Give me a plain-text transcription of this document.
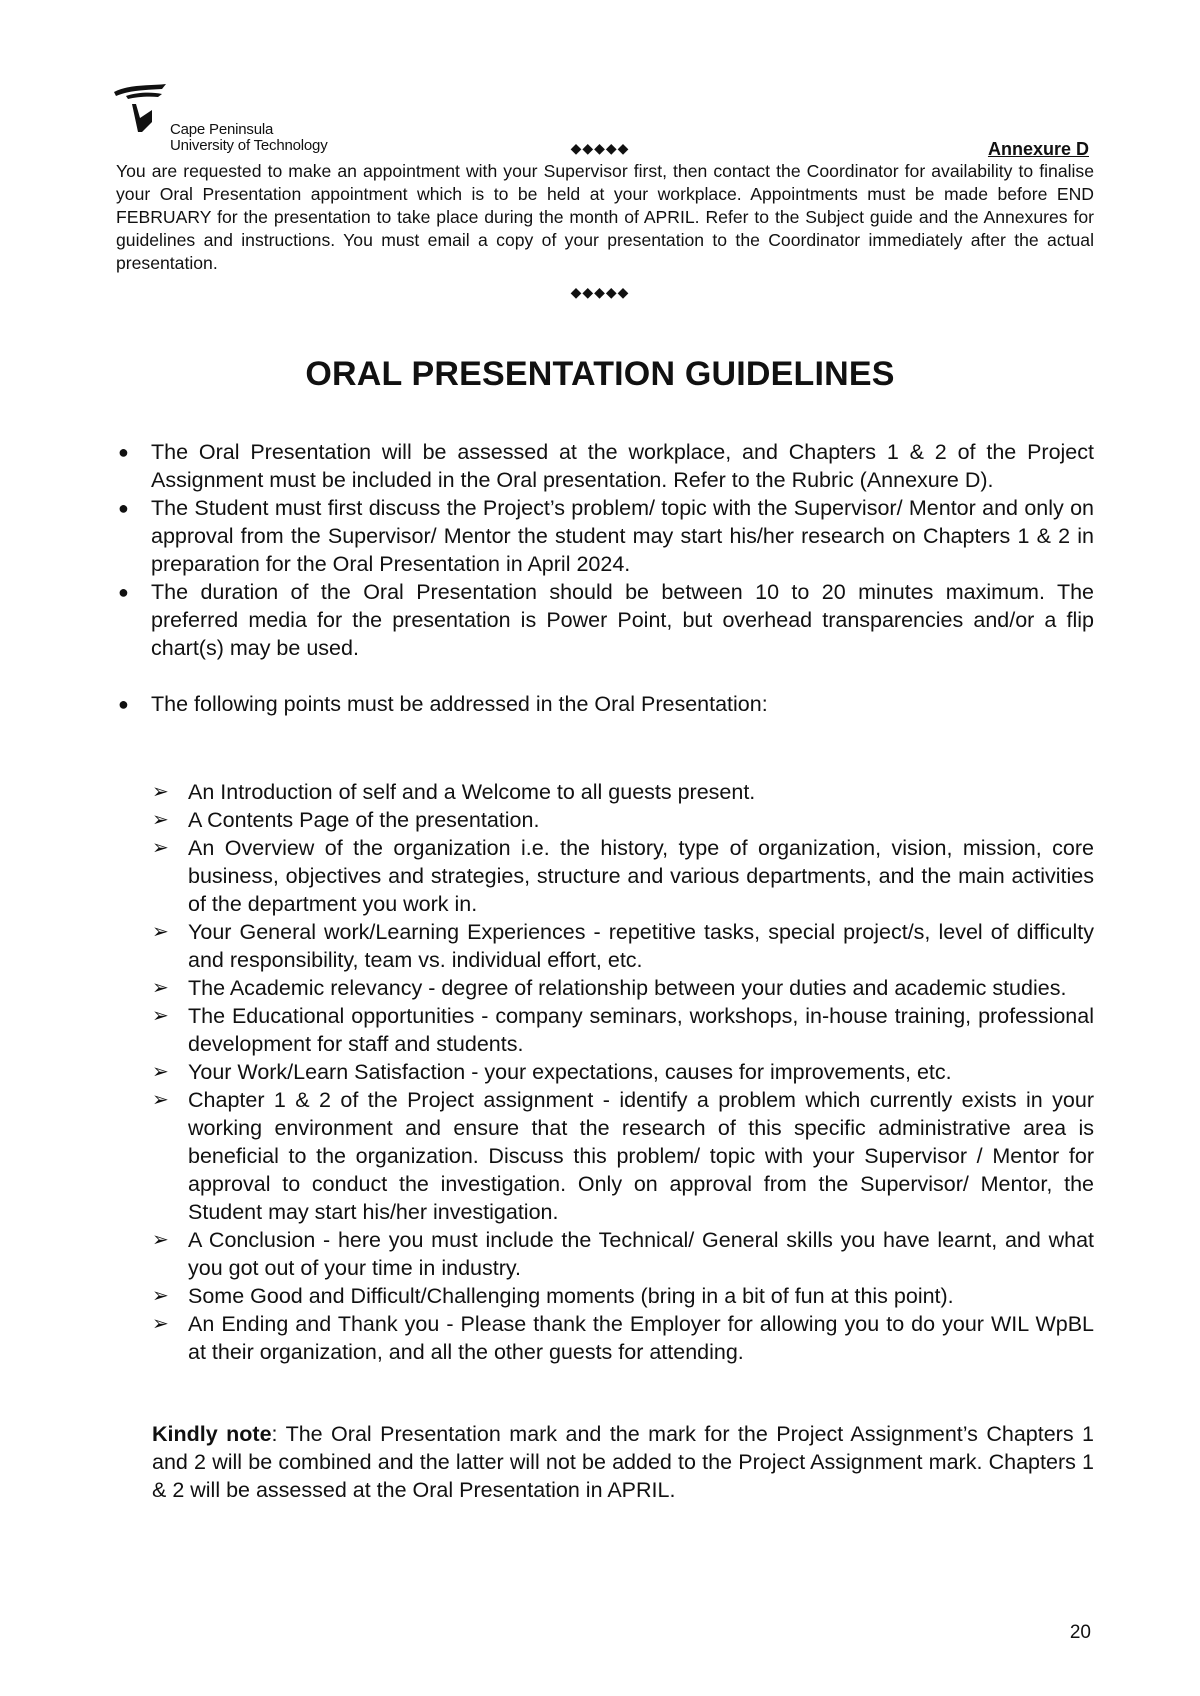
Cape Peninsula
University of Technology	◆◆◆◆◆	Annexure D
You are requested to make an appointment with your Supervisor first, then contact the Coordinator for availability to finalise your Oral Presentation appointment which is to be held at your workplace. Appointments must be made before END FEBRUARY for the presentation to take place during the month of APRIL. Refer to the Subject guide and the Annexures for guidelines and instructions. You must email a copy of your presentation to the Coordinator immediately after the actual presentation.
◆◆◆◆◆
ORAL PRESENTATION GUIDELINES
● The Oral Presentation will be assessed at the workplace, and Chapters 1 & 2 of the Project Assignment must be included in the Oral presentation. Refer to the Rubric (Annexure D).
● The Student must first discuss the Project’s problem/ topic with the Supervisor/ Mentor and only on approval from the Supervisor/ Mentor the student may start his/her research on Chapters 1 & 2 in preparation for the Oral Presentation in April 2024.
● The duration of the Oral Presentation should be between 10 to 20 minutes maximum. The preferred media for the presentation is Power Point, but overhead transparencies and/or a flip chart(s) may be used.
● The following points must be addressed in the Oral Presentation:
➢ An Introduction of self and a Welcome to all guests present.
➢ A Contents Page of the presentation.
➢ An Overview of the organization i.e. the history, type of organization, vision, mission, core business, objectives and strategies, structure and various departments, and the main activities of the department you work in.
➢ Your General work/Learning Experiences - repetitive tasks, special project/s, level of difficulty and responsibility, team vs. individual effort, etc.
➢ The Academic relevancy - degree of relationship between your duties and academic studies.
➢ The Educational opportunities - company seminars, workshops, in-house training, professional development for staff and students.
➢ Your Work/Learn Satisfaction - your expectations, causes for improvements, etc.
➢ Chapter 1 & 2 of the Project assignment - identify a problem which currently exists in your working environment and ensure that the research of this specific administrative area is beneficial to the organization. Discuss this problem/ topic with your Supervisor / Mentor for approval to conduct the investigation. Only on approval from the Supervisor/ Mentor, the Student may start his/her investigation.
➢ A Conclusion - here you must include the Technical/ General skills you have learnt, and what you got out of your time in industry.
➢ Some Good and Difficult/Challenging moments (bring in a bit of fun at this point).
➢ An Ending and Thank you - Please thank the Employer for allowing you to do your WIL WpBL at their organization, and all the other guests for attending.
Kindly note: The Oral Presentation mark and the mark for the Project Assignment’s Chapters 1 and 2 will be combined and the latter will not be added to the Project Assignment mark. Chapters 1 & 2 will be assessed at the Oral Presentation in APRIL.
20
